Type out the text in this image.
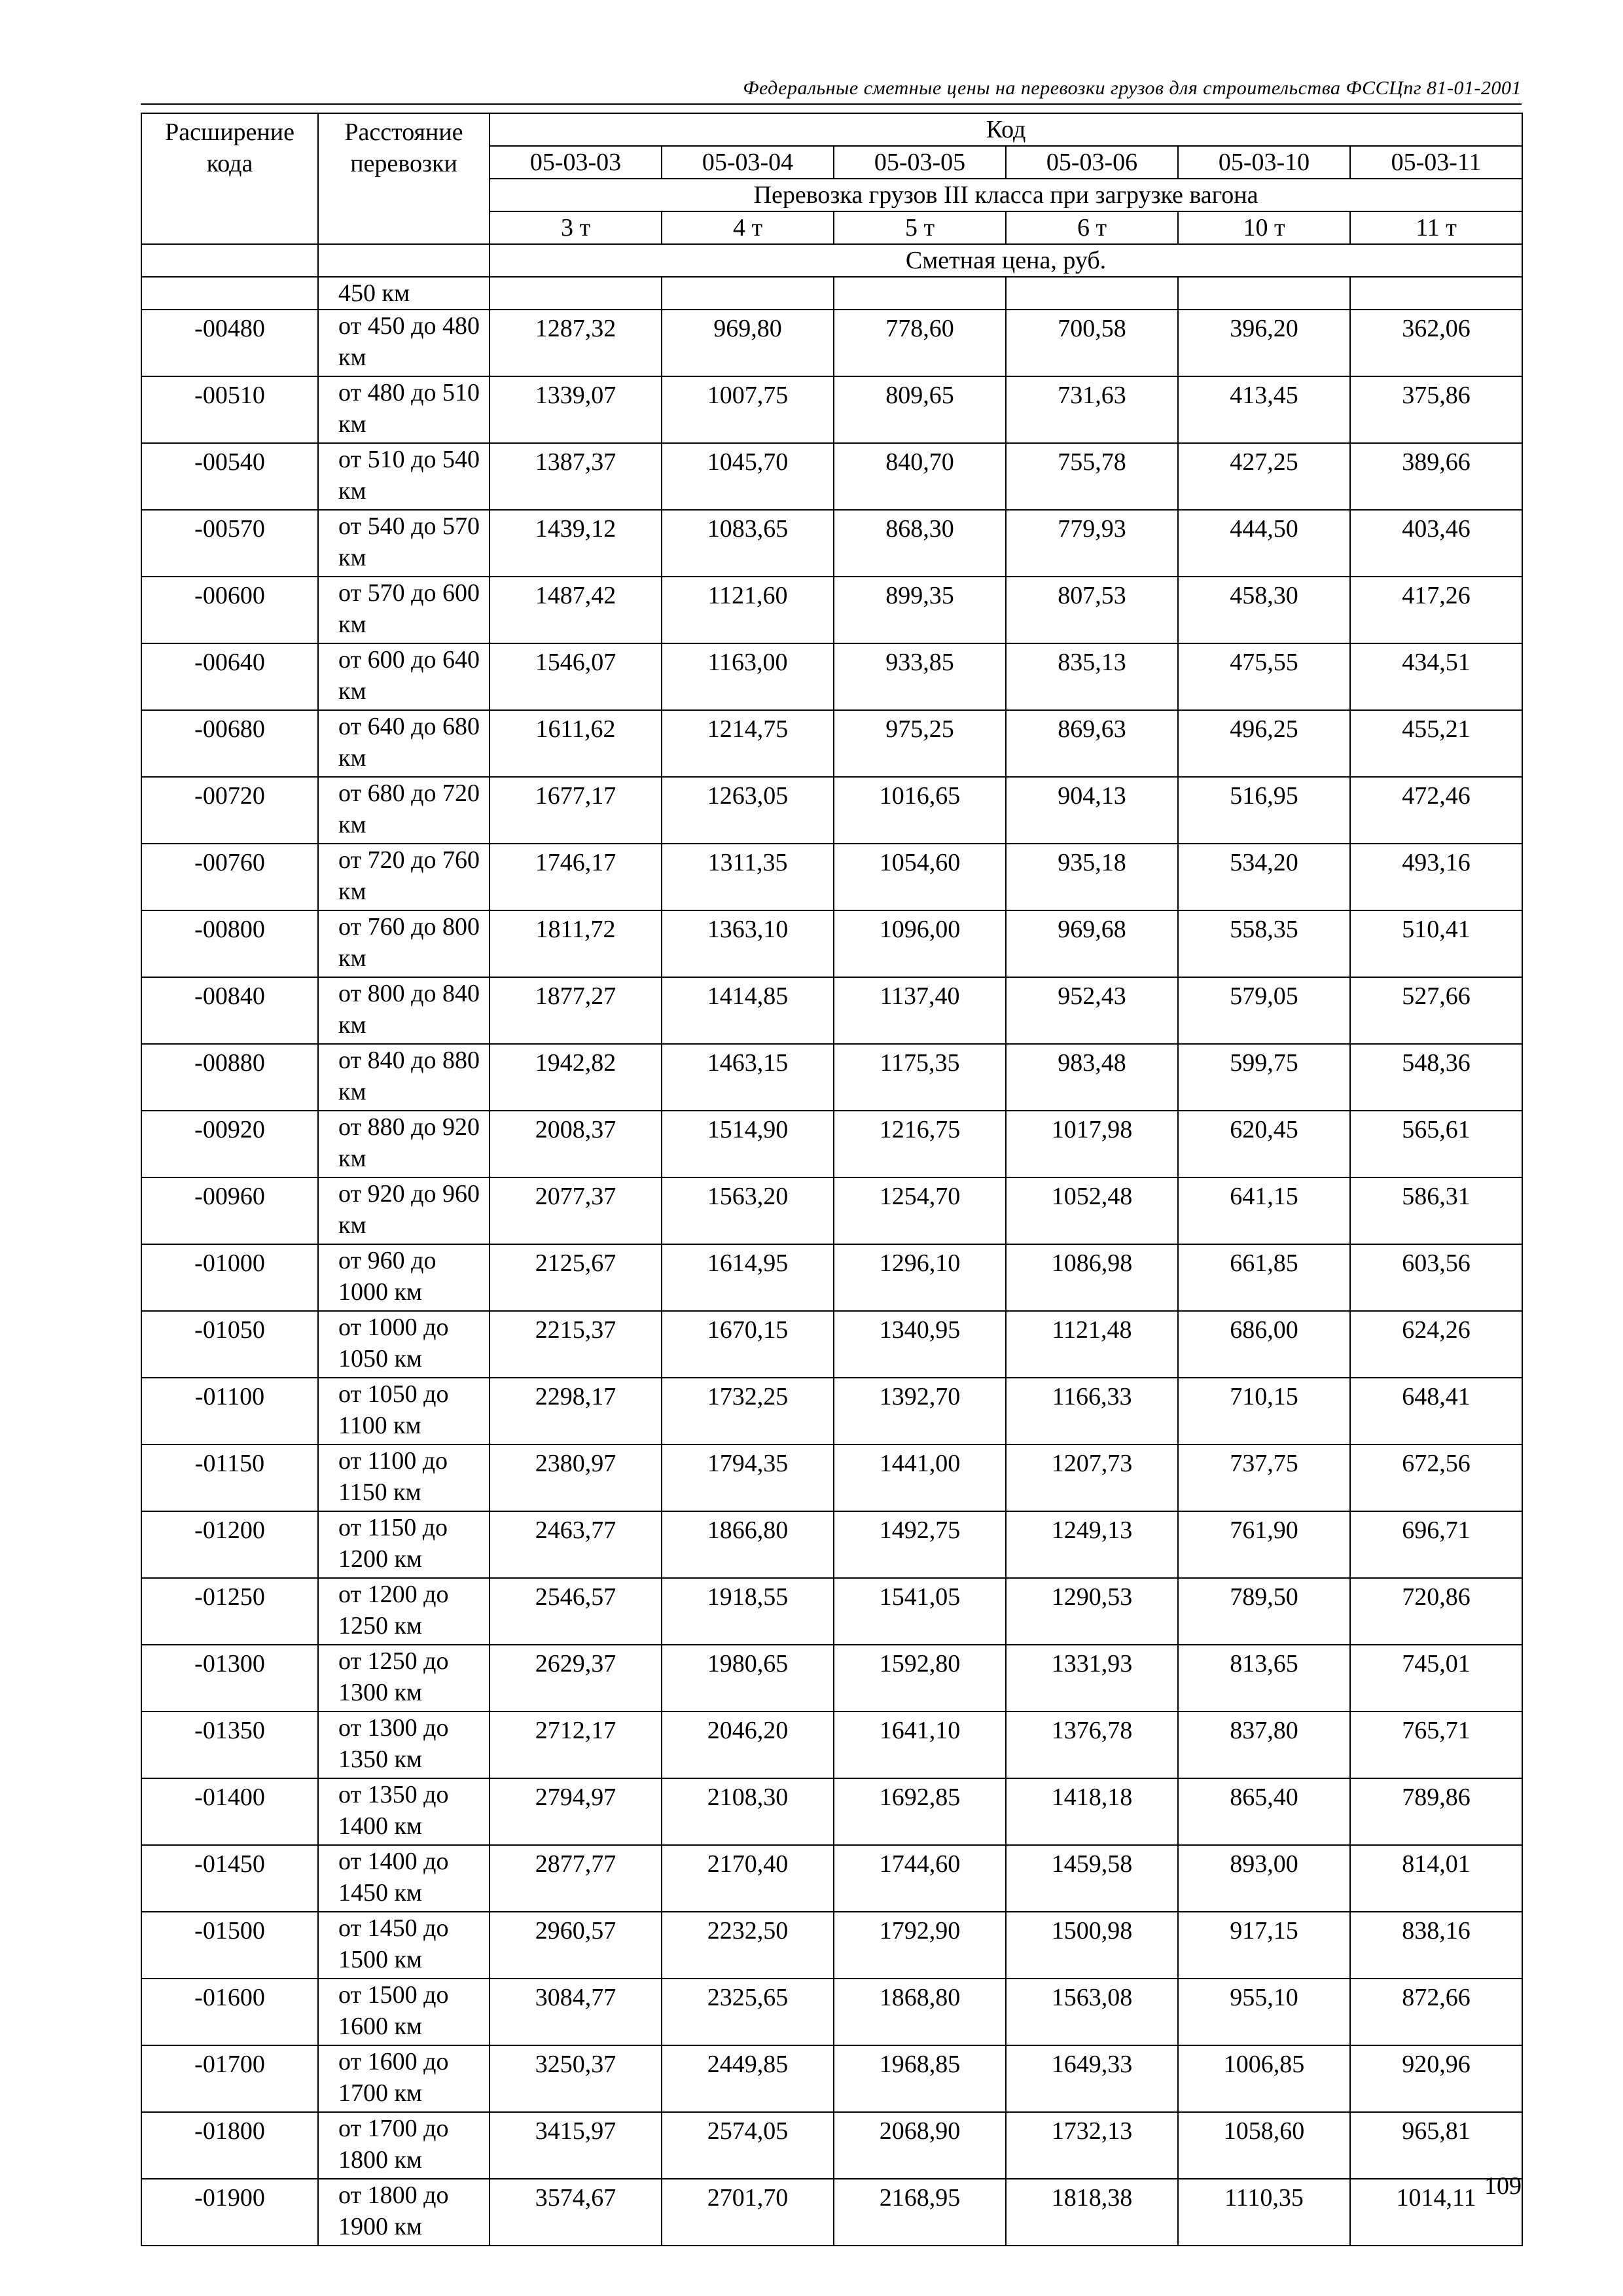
Федеральные сметные цены на перевозки грузов для строительства ФССЦпг 81-01-2001
Расширение кода	Расстояние перевозки	Код					
		05-03-03	05-03-04	05-03-05	05-03-06	05-03-10	05-03-11
		Перевозка грузов III класса при загрузке вагона					
		3 т	4 т	5 т	6 т	10 т	11 т
		Сметная цена, руб.					
	450 км						
-00480	от 450 до 480 км	1287,32	969,80	778,60	700,58	396,20	362,06
-00510	от 480 до 510 км	1339,07	1007,75	809,65	731,63	413,45	375,86
-00540	от 510 до 540 км	1387,37	1045,70	840,70	755,78	427,25	389,66
-00570	от 540 до 570 км	1439,12	1083,65	868,30	779,93	444,50	403,46
-00600	от 570 до 600 км	1487,42	1121,60	899,35	807,53	458,30	417,26
-00640	от 600 до 640 км	1546,07	1163,00	933,85	835,13	475,55	434,51
-00680	от 640 до 680 км	1611,62	1214,75	975,25	869,63	496,25	455,21
-00720	от 680 до 720 км	1677,17	1263,05	1016,65	904,13	516,95	472,46
-00760	от 720 до 760 км	1746,17	1311,35	1054,60	935,18	534,20	493,16
-00800	от 760 до 800 км	1811,72	1363,10	1096,00	969,68	558,35	510,41
-00840	от 800 до 840 км	1877,27	1414,85	1137,40	952,43	579,05	527,66
-00880	от 840 до 880 км	1942,82	1463,15	1175,35	983,48	599,75	548,36
-00920	от 880 до 920 км	2008,37	1514,90	1216,75	1017,98	620,45	565,61
-00960	от 920 до 960 км	2077,37	1563,20	1254,70	1052,48	641,15	586,31
-01000	от 960 до 1000 км	2125,67	1614,95	1296,10	1086,98	661,85	603,56
-01050	от 1000 до 1050 км	2215,37	1670,15	1340,95	1121,48	686,00	624,26
-01100	от 1050 до 1100 км	2298,17	1732,25	1392,70	1166,33	710,15	648,41
-01150	от 1100 до 1150 км	2380,97	1794,35	1441,00	1207,73	737,75	672,56
-01200	от 1150 до 1200 км	2463,77	1866,80	1492,75	1249,13	761,90	696,71
-01250	от 1200 до 1250 км	2546,57	1918,55	1541,05	1290,53	789,50	720,86
-01300	от 1250 до 1300 км	2629,37	1980,65	1592,80	1331,93	813,65	745,01
-01350	от 1300 до 1350 км	2712,17	2046,20	1641,10	1376,78	837,80	765,71
-01400	от 1350 до 1400 км	2794,97	2108,30	1692,85	1418,18	865,40	789,86
-01450	от 1400 до 1450 км	2877,77	2170,40	1744,60	1459,58	893,00	814,01
-01500	от 1450 до 1500 км	2960,57	2232,50	1792,90	1500,98	917,15	838,16
-01600	от 1500 до 1600 км	3084,77	2325,65	1868,80	1563,08	955,10	872,66
-01700	от 1600 до 1700 км	3250,37	2449,85	1968,85	1649,33	1006,85	920,96
-01800	от 1700 до 1800 км	3415,97	2574,05	2068,90	1732,13	1058,60	965,81
-01900	от 1800 до 1900 км	3574,67	2701,70	2168,95	1818,38	1110,35	1014,11 109
